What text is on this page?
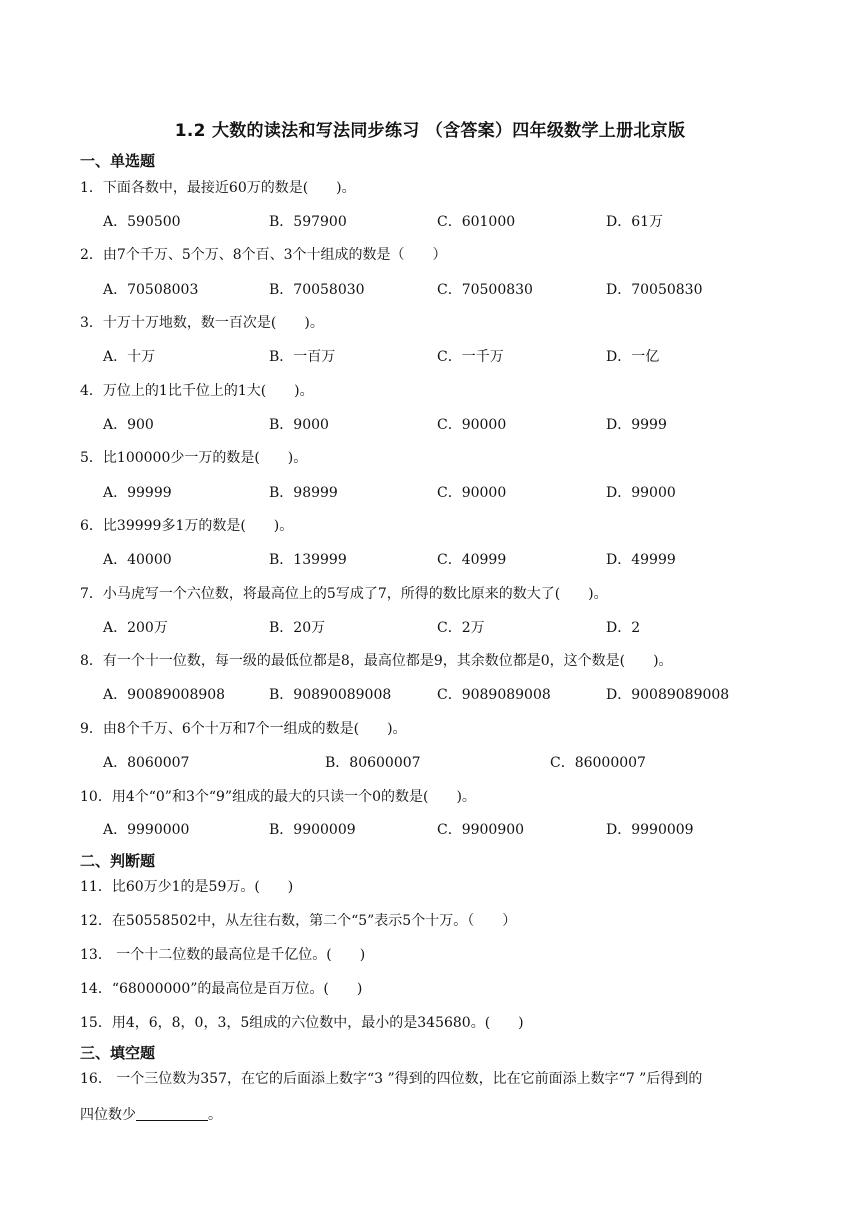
1.2 大数的读法和写法同步练习 （含答案）四年级数学上册北京版
一、单选题
1．下面各数中，最接近60万的数是(　　)。
A．590500	B．597900	C．601000	D．61万
2．由7个千万、5个万、8个百、3个十组成的数是（　　）
A．70508003	B．70058030	C．70500830	D．70050830
3．十万十万地数，数一百次是(　　)。
A．十万	B．一百万	C．一千万	D．一亿
4．万位上的1比千位上的1大(　　)。
A．900	B．9000	C．90000	D．9999
5．比100000少一万的数是(　　)。
A．99999	B．98999	C．90000	D．99000
6．比39999多1万的数是(　　)。
A．40000	B．139999	C．40999	D．49999
7．小马虎写一个六位数，将最高位上的5写成了7，所得的数比原来的数大了(　　)。
A．200万	B．20万	C．2万	D．2
8．有一个十一位数，每一级的最低位都是8，最高位都是9，其余数位都是0，这个数是(　　)。
A．90089008908	B．90890089008	C．9089089008	D．90089089008
9．由8个千万、6个十万和7个一组成的数是(　　)。
A．8060007	B．80600007	C．86000007
10．用4个“0”和3个“9”组成的最大的只读一个0的数是(　　)。
A．9990000	B．9900009	C．9900900	D．9990009
二、判断题
11．比60万少1的是59万。(　　)
12．在50558502中，从左往右数，第二个“5”表示5个十万。（　　）
13． 一个十二位数的最高位是千亿位。(　　)
14．“68000000”的最高位是百万位。(　　)
15．用4，6，8，0，3，5组成的六位数中，最小的是345680。(　　)
三、填空题
16． 一个三位数为357，在它的后面添上数字“3 ”得到的四位数，比在它前面添上数字“7 ”后得到的
四位数少	。
